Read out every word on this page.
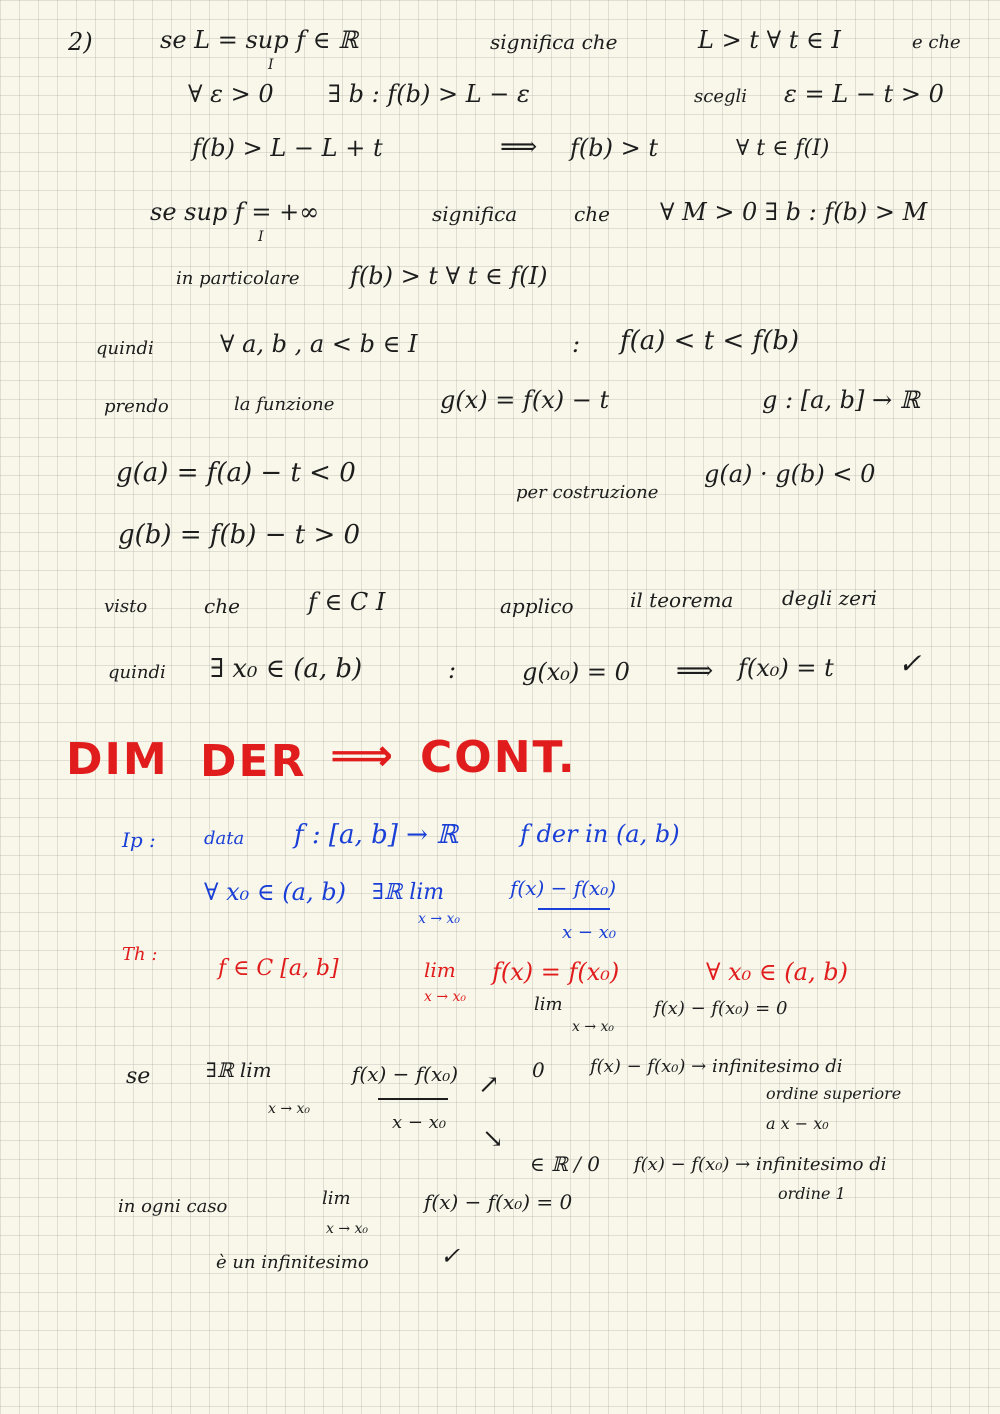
2)	se L = sup f ∈ ℝ
I
significa che	L > t ∀ t ∈ I	e che
∀ ε > 0 ∃ b : f(b) > L − ε	scegli ε = L − t > 0
f(b) > L − L + t	⟹ f(b) > t	∀ t ∈ f(I)
se sup f = +∞
I
significa	che ∀ M > 0 ∃ b : f(b) > M
in particolare f(b) > t ∀ t ∈ f(I)
quindi	∀ a, b , a < b ∈ I	: f(a) < t < f(b)
prendo	la funzione	g(x) = f(x) − t	g : [a, b] → ℝ
g(a) = f(a) − t < 0
per costruzione
g(a) · g(b) < 0
g(b) = f(b) − t > 0
visto	che	f ∈ C I	applico	il teorema degli zeri
quindi ∃ x₀ ∈ (a, b)	:	g(x₀) = 0 ⟹ f(x₀) = t ✓
DIM DER ⟹ CONT.
Ip :	data f : [a, b] → ℝ	f der in (a, b)
∀ x₀ ∈ (a, b) ∃ℝ lim
x → x₀
f(x) − f(x₀)
x − x₀
Th :
f ∈ C [a, b]	lim
x → x₀
f(x) = f(x₀)	∀ x₀ ∈ (a, b)
lim
x → x₀
f(x) − f(x₀) = 0
se	∃ℝ lim
x → x₀
f(x) − f(x₀)
x − x₀
↗ 0	f(x) − f(x₀) → infinitesimo di
ordine superiore
a x − x₀
↘
∈ ℝ / 0 f(x) − f(x₀) → infinitesimo di
ordine 1
in ogni caso	lim
x → x₀
f(x) − f(x₀) = 0
è un infinitesimo	✓
